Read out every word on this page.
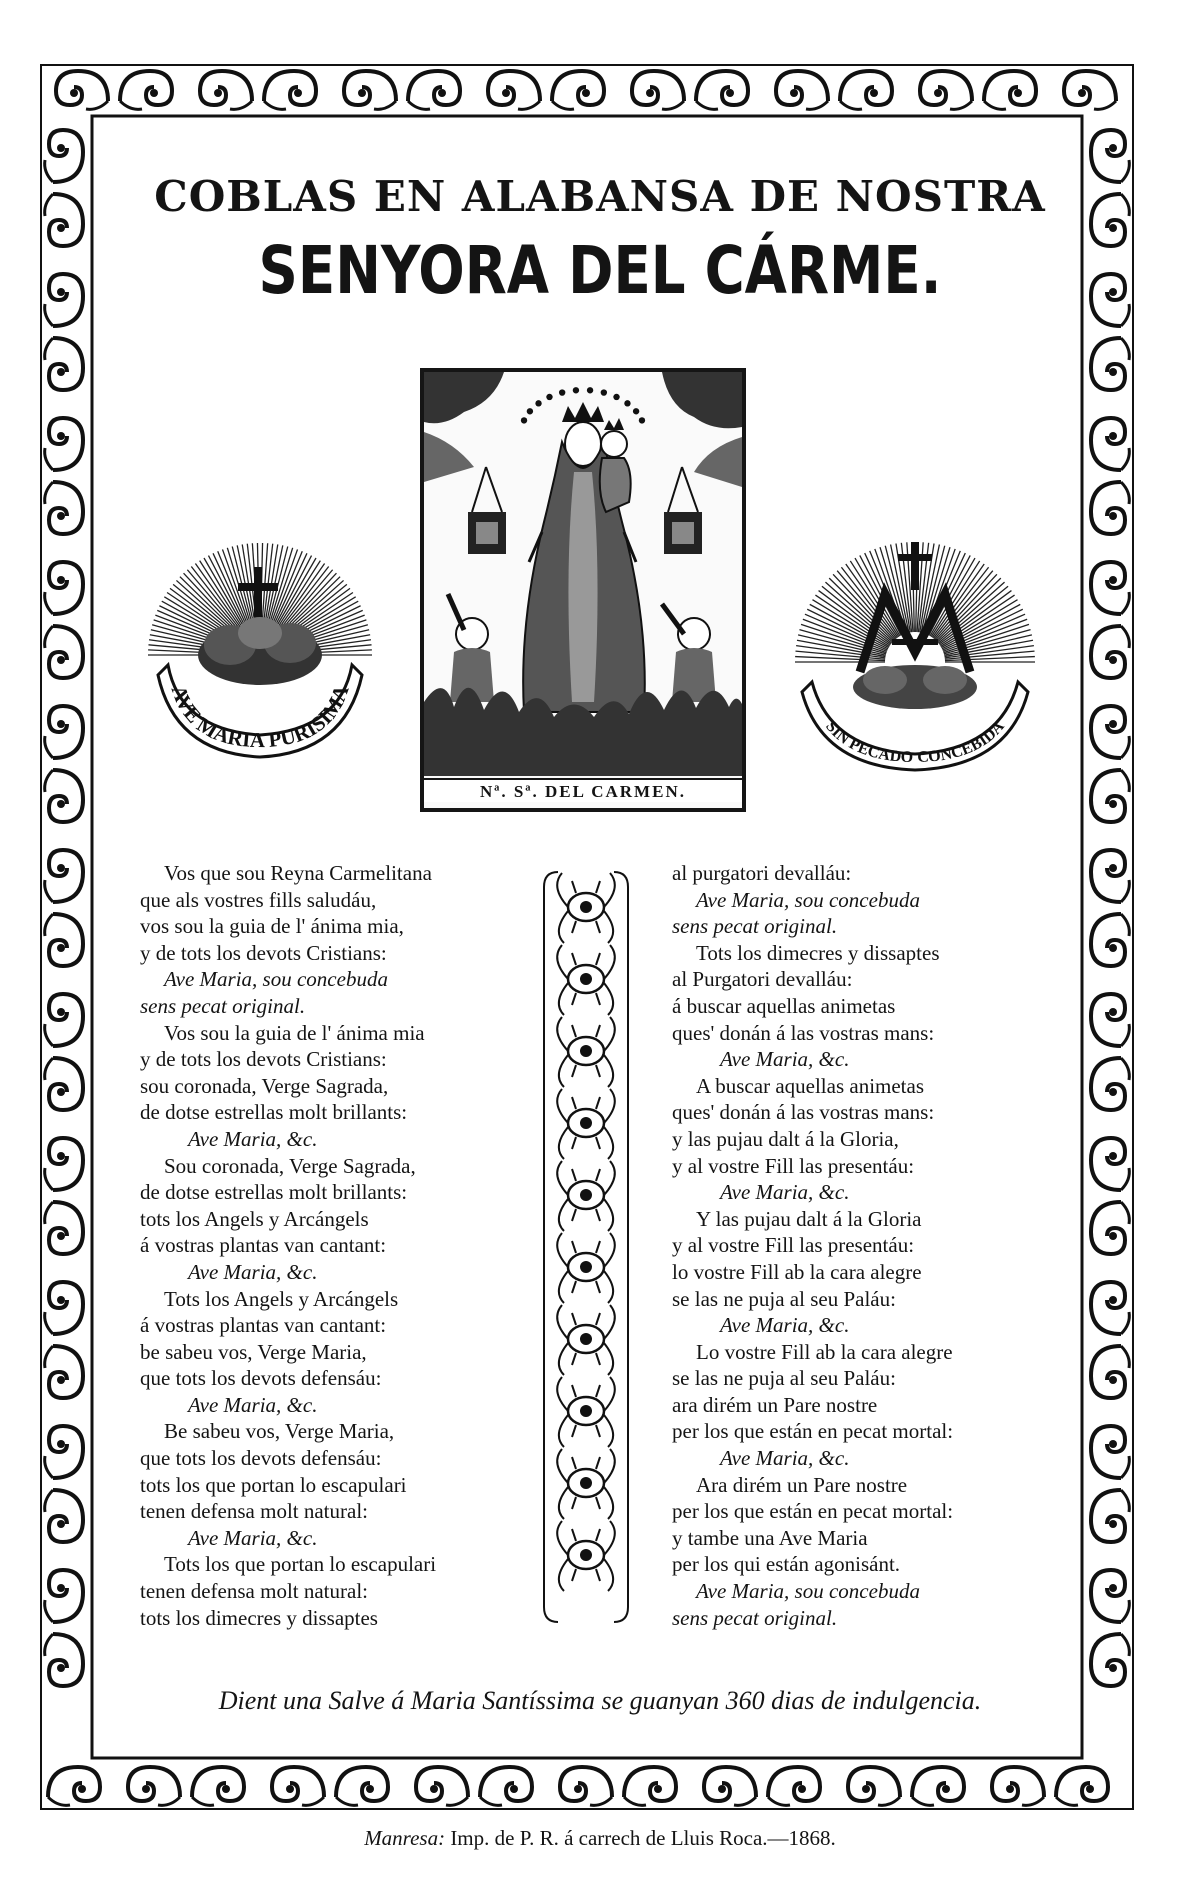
COBLAS EN ALABANSA DE NOSTRA
SENYORA DEL CÁRME.
AVE MARIA PURISIMA
Nª. Sª. DEL CARMEN.
SIN PECADO CONCEBIDA
Vos que sou Reyna Carmelitana
que als vostres fills saludáu,
vos sou la guia de l' ánima mia,
y de tots los devots Cristians:
Ave Maria, sou concebuda
sens pecat original.
Vos sou la guia de l' ánima mia
y de tots los devots Cristians:
sou coronada, Verge Sagrada,
de dotse estrellas molt brillants:
Ave Maria, &c.
Sou coronada, Verge Sagrada,
de dotse estrellas molt brillants:
tots los Angels y Arcángels
á vostras plantas van cantant:
Ave Maria, &c.
Tots los Angels y Arcángels
á vostras plantas van cantant:
be sabeu vos, Verge Maria,
que tots los devots defensáu:
Ave Maria, &c.
Be sabeu vos, Verge Maria,
que tots los devots defensáu:
tots los que portan lo escapulari
tenen defensa molt natural:
Ave Maria, &c.
Tots los que portan lo escapulari
tenen defensa molt natural:
tots los dimecres y dissaptes
al purgatori devalláu:
Ave Maria, sou concebuda
sens pecat original.
Tots los dimecres y dissaptes
al Purgatori devalláu:
á buscar aquellas animetas
ques' donán á las vostras mans:
Ave Maria, &c.
A buscar aquellas animetas
ques' donán á las vostras mans:
y las pujau dalt á la Gloria,
y al vostre Fill las presentáu:
Ave Maria, &c.
Y las pujau dalt á la Gloria
y al vostre Fill las presentáu:
lo vostre Fill ab la cara alegre
se las ne puja al seu Paláu:
Ave Maria, &c.
Lo vostre Fill ab la cara alegre
se las ne puja al seu Paláu:
ara dirém un Pare nostre
per los que están en pecat mortal:
Ave Maria, &c.
Ara dirém un Pare nostre
per los que están en pecat mortal:
y tambe una Ave Maria
per los qui están agonisánt.
Ave Maria, sou concebuda
sens pecat original.
Dient una Salve á Maria Santíssima se guanyan 360 dias de indulgencia.
Manresa: Imp. de P. R. á carrech de Lluis Roca.—1868.
